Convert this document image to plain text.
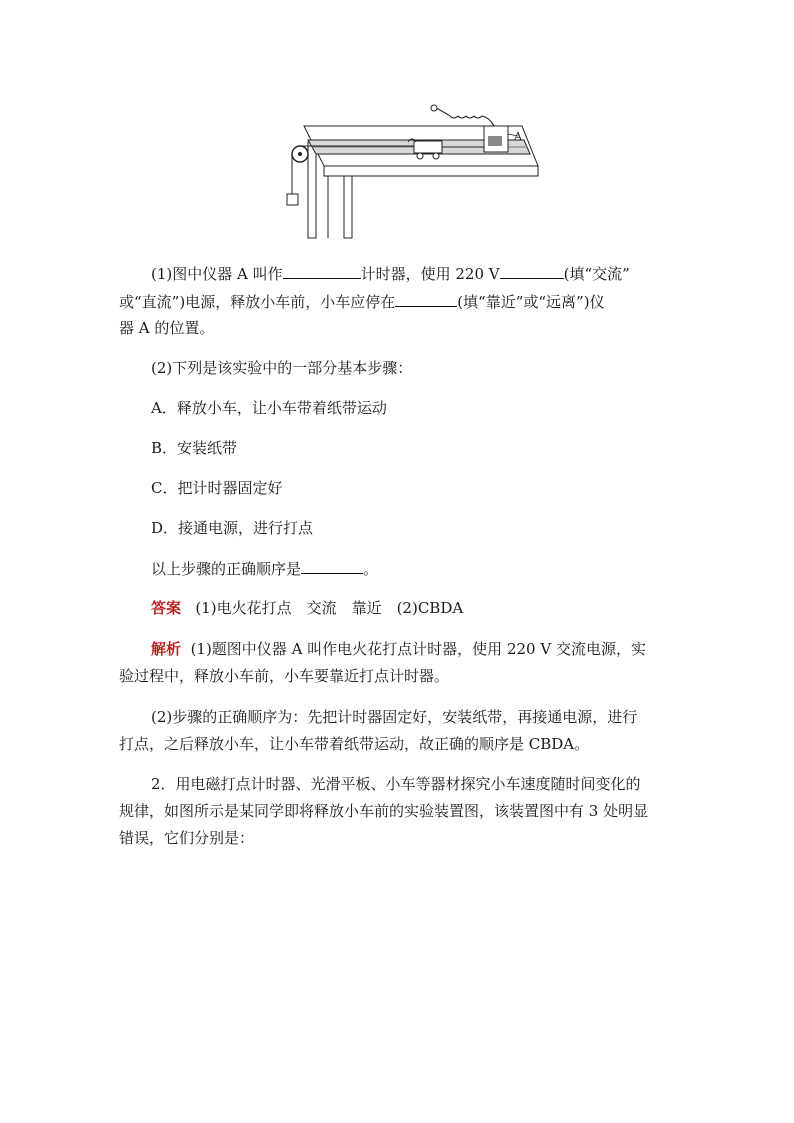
A
(1)图中仪器 A 叫作	计时器，使用 220 V	(填“交流”
或“直流”)电源，释放小车前，小车应停在	(填“靠近”或“远离”)仪
器 A 的位置。
(2)下列是该实验中的一部分基本步骤：
A．释放小车，让小车带着纸带运动
B．安装纸带
C．把计时器固定好
D．接通电源，进行打点
以上步骤的正确顺序是	。
答案 (1)电火花打点　交流　靠近　(2)CBDA
解析 (1)题图中仪器 A 叫作电火花打点计时器，使用 220 V 交流电源，实
验过程中，释放小车前，小车要靠近打点计时器。
(2)步骤的正确顺序为：先把计时器固定好，安装纸带，再接通电源，进行
打点，之后释放小车，让小车带着纸带运动，故正确的顺序是 CBDA。
2．用电磁打点计时器、光滑平板、小车等器材探究小车速度随时间变化的
规律，如图所示是某同学即将释放小车前的实验装置图，该装置图中有 3 处明显
错误，它们分别是：
